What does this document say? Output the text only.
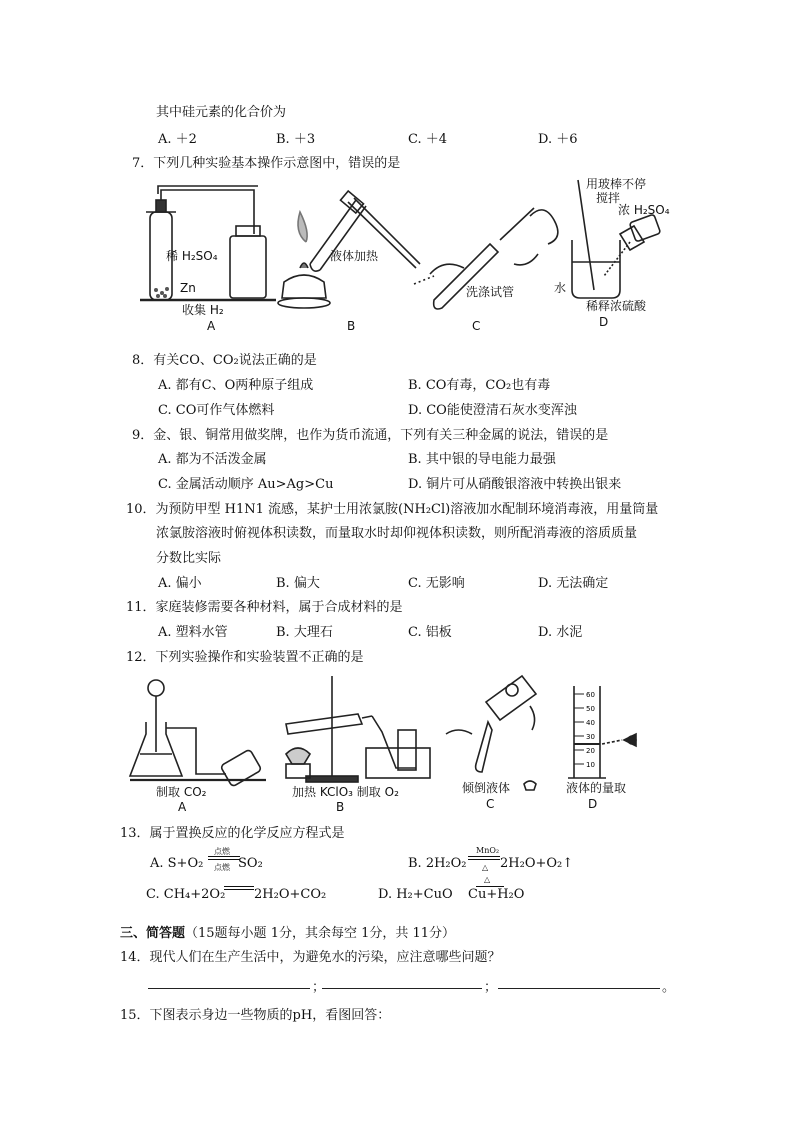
其中硅元素的化合价为
A. ＋2	B. ＋3	C. ＋4	D. ＋6
7．下列几种实验基本操作示意图中，错误的是
稀 H₂SO₄
Zn
收集 H₂
A
液体加热
B
洗涤试管
C
用玻棒不停
搅拌
浓 H₂SO₄
水
稀释浓硫酸
D
8．有关CO、CO₂说法正确的是
A. 都有C、O两种原子组成	B. CO有毒，CO₂也有毒
C. CO可作气体燃料	D. CO能使澄清石灰水变浑浊
9．金、银、铜常用做奖牌，也作为货币流通，下列有关三种金属的说法，错误的是
A. 都为不活泼金属	B. 其中银的导电能力最强
C. 金属活动顺序 Au>Ag>Cu	D. 铜片可从硝酸银溶液中转换出银来
10．为预防甲型 H1N1 流感，某护士用浓氯胺(NH₂Cl)溶液加水配制环境消毒液，用量筒量
浓氯胺溶液时俯视体积读数，而量取水时却仰视体积读数，则所配消毒液的溶质质量
分数比实际
A. 偏小	B. 偏大	C. 无影响	D. 无法确定
11．家庭装修需要各种材料，属于合成材料的是
A. 塑料水管	B. 大理石	C. 铝板	D. 水泥
12．下列实验操作和实验装置不正确的是
制取 CO₂
A
加热 KClO₃ 制取 O₂
B
倾倒液体
C
60
50
40
30
20
10
液体的量取
D
13．属于置换反应的化学反应方程式是
A. S+O₂
点燃
点燃 SO₂	B. 2H₂O₂
MnO₂
△ 2H₂O+O₂↑
C. CH₄+2O₂ 2H₂O+CO₂	D. H₂+CuO Cu+H₂O
△
三、简答题（15题每小题 1分，其余每空 1分，共 11分）
14．现代人们在生产生活中，为避免水的污染，应注意哪些问题？
；	；	。
15．下图表示身边一些物质的pH，看图回答：
